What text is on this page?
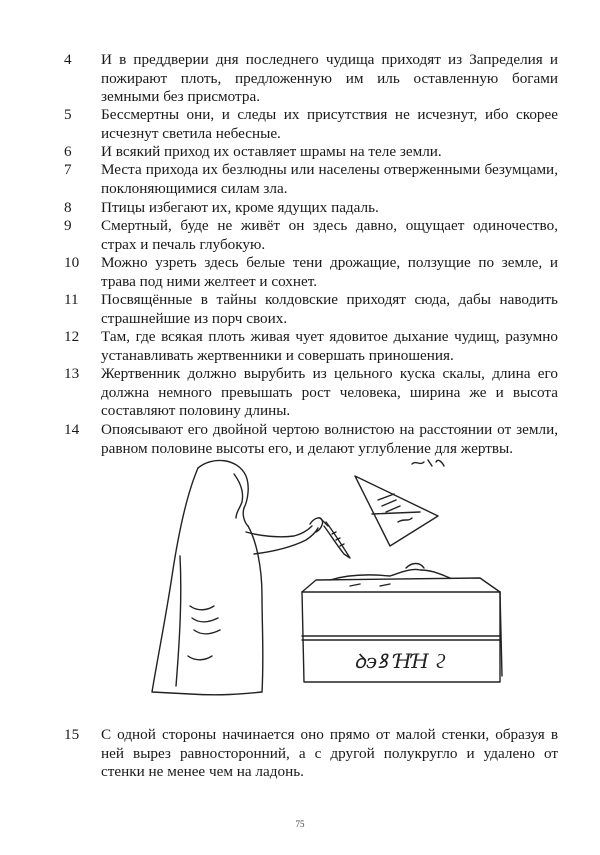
4	И в преддверии дня последнего чудища приходят из Запределия и пожирают плоть, предложенную им иль оставленную богами земными без присмотра.
5	Бессмертны они, и следы их присутствия не исчезнут, ибо скорее исчезнут светила небесные.
6	И всякий приход их оставляет шрамы на теле земли.
7	Места прихода их безлюдны или населены отверженными безумцами, поклоняющимися силам зла.
8	Птицы избегают их, кроме ядущих падаль.
9	Смертный, буде не живёт он здесь давно, ощущает одиночество, страх и печаль глубокую.
10	Можно узреть здесь белые тени дрожащие, ползущие по земле, и трава под ними желтеет и сохнет.
11	Посвящённые в тайны колдовские приходят сюда, дабы наводить страшнейшие из порч своих.
12	Там, где всякая плоть живая чует ядовитое дыхание чудищ, разумно устанавливать жертвенники и совершать приношения.
13	Жертвенник должно вырубить из цельного куска скалы, длина его должна немного превышать рост человека, ширина же и высота составляют половину длины.
14	Опоясывают его двойной чертою волнистою на расстоянии от земли, равном половине высоты его, и делают углубление для жертвы.
ꝺ϶ꝸ ꞪꞪ ϩ
15	С одной стороны начинается оно прямо от малой стенки, образуя в ней вырез равносторонний, а с другой полукругло и удалено от стенки не менее чем на ладонь.
75
